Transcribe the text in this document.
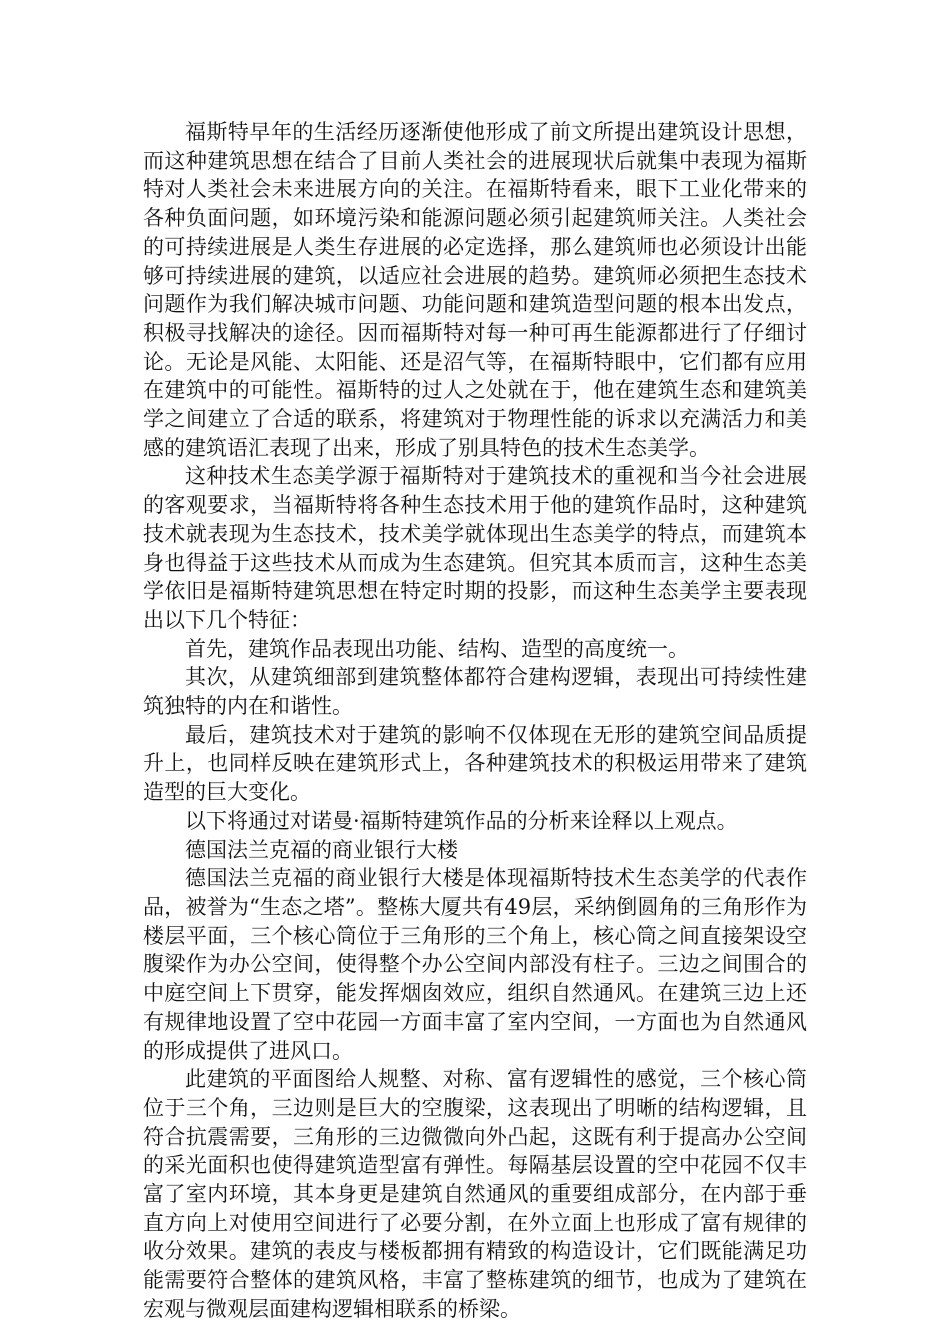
福斯特早年的生活经历逐渐使他形成了前文所提出建筑设计思想，而这种建筑思想在结合了目前人类社会的进展现状后就集中表现为福斯特对人类社会未来进展方向的关注。在福斯特看来，眼下工业化带来的各种负面问题，如环境污染和能源问题必须引起建筑师关注。人类社会的可持续进展是人类生存进展的必定选择，那么建筑师也必须设计出能够可持续进展的建筑，以适应社会进展的趋势。建筑师必须把生态技术问题作为我们解决城市问题、功能问题和建筑造型问题的根本出发点，积极寻找解决的途径。因而福斯特对每一种可再生能源都进行了仔细讨论。无论是风能、太阳能、还是沼气等，在福斯特眼中，它们都有应用在建筑中的可能性。福斯特的过人之处就在于，他在建筑生态和建筑美学之间建立了合适的联系，将建筑对于物理性能的诉求以充满活力和美感的建筑语汇表现了出来，形成了别具特色的技术生态美学。

这种技术生态美学源于福斯特对于建筑技术的重视和当今社会进展的客观要求，当福斯特将各种生态技术用于他的建筑作品时，这种建筑技术就表现为生态技术，技术美学就体现出生态美学的特点，而建筑本身也得益于这些技术从而成为生态建筑。但究其本质而言，这种生态美学依旧是福斯特建筑思想在特定时期的投影，而这种生态美学主要表现出以下几个特征：

首先，建筑作品表现出功能、结构、造型的高度统一。

其次，从建筑细部到建筑整体都符合建构逻辑，表现出可持续性建筑独特的内在和谐性。

最后，建筑技术对于建筑的影响不仅体现在无形的建筑空间品质提升上，也同样反映在建筑形式上，各种建筑技术的积极运用带来了建筑造型的巨大变化。

以下将通过对诺曼·福斯特建筑作品的分析来诠释以上观点。

德国法兰克福的商业银行大楼

德国法兰克福的商业银行大楼是体现福斯特技术生态美学的代表作品，被誉为“生态之塔”。整栋大厦共有49层，采纳倒圆角的三角形作为楼层平面，三个核心筒位于三角形的三个角上，核心筒之间直接架设空腹梁作为办公空间，使得整个办公空间内部没有柱子。三边之间围合的中庭空间上下贯穿，能发挥烟囱效应，组织自然通风。在建筑三边上还有规律地设置了空中花园一方面丰富了室内空间，一方面也为自然通风的形成提供了进风口。

此建筑的平面图给人规整、对称、富有逻辑性的感觉，三个核心筒位于三个角，三边则是巨大的空腹梁，这表现出了明晰的结构逻辑，且符合抗震需要，三角形的三边微微向外凸起，这既有利于提高办公空间的采光面积也使得建筑造型富有弹性。每隔基层设置的空中花园不仅丰富了室内环境，其本身更是建筑自然通风的重要组成部分，在内部于垂直方向上对使用空间进行了必要分割，在外立面上也形成了富有规律的收分效果。建筑的表皮与楼板都拥有精致的构造设计，它们既能满足功能需要符合整体的建筑风格，丰富了整栋建筑的细节，也成为了建筑在宏观与微观层面建构逻辑相联系的桥梁。
